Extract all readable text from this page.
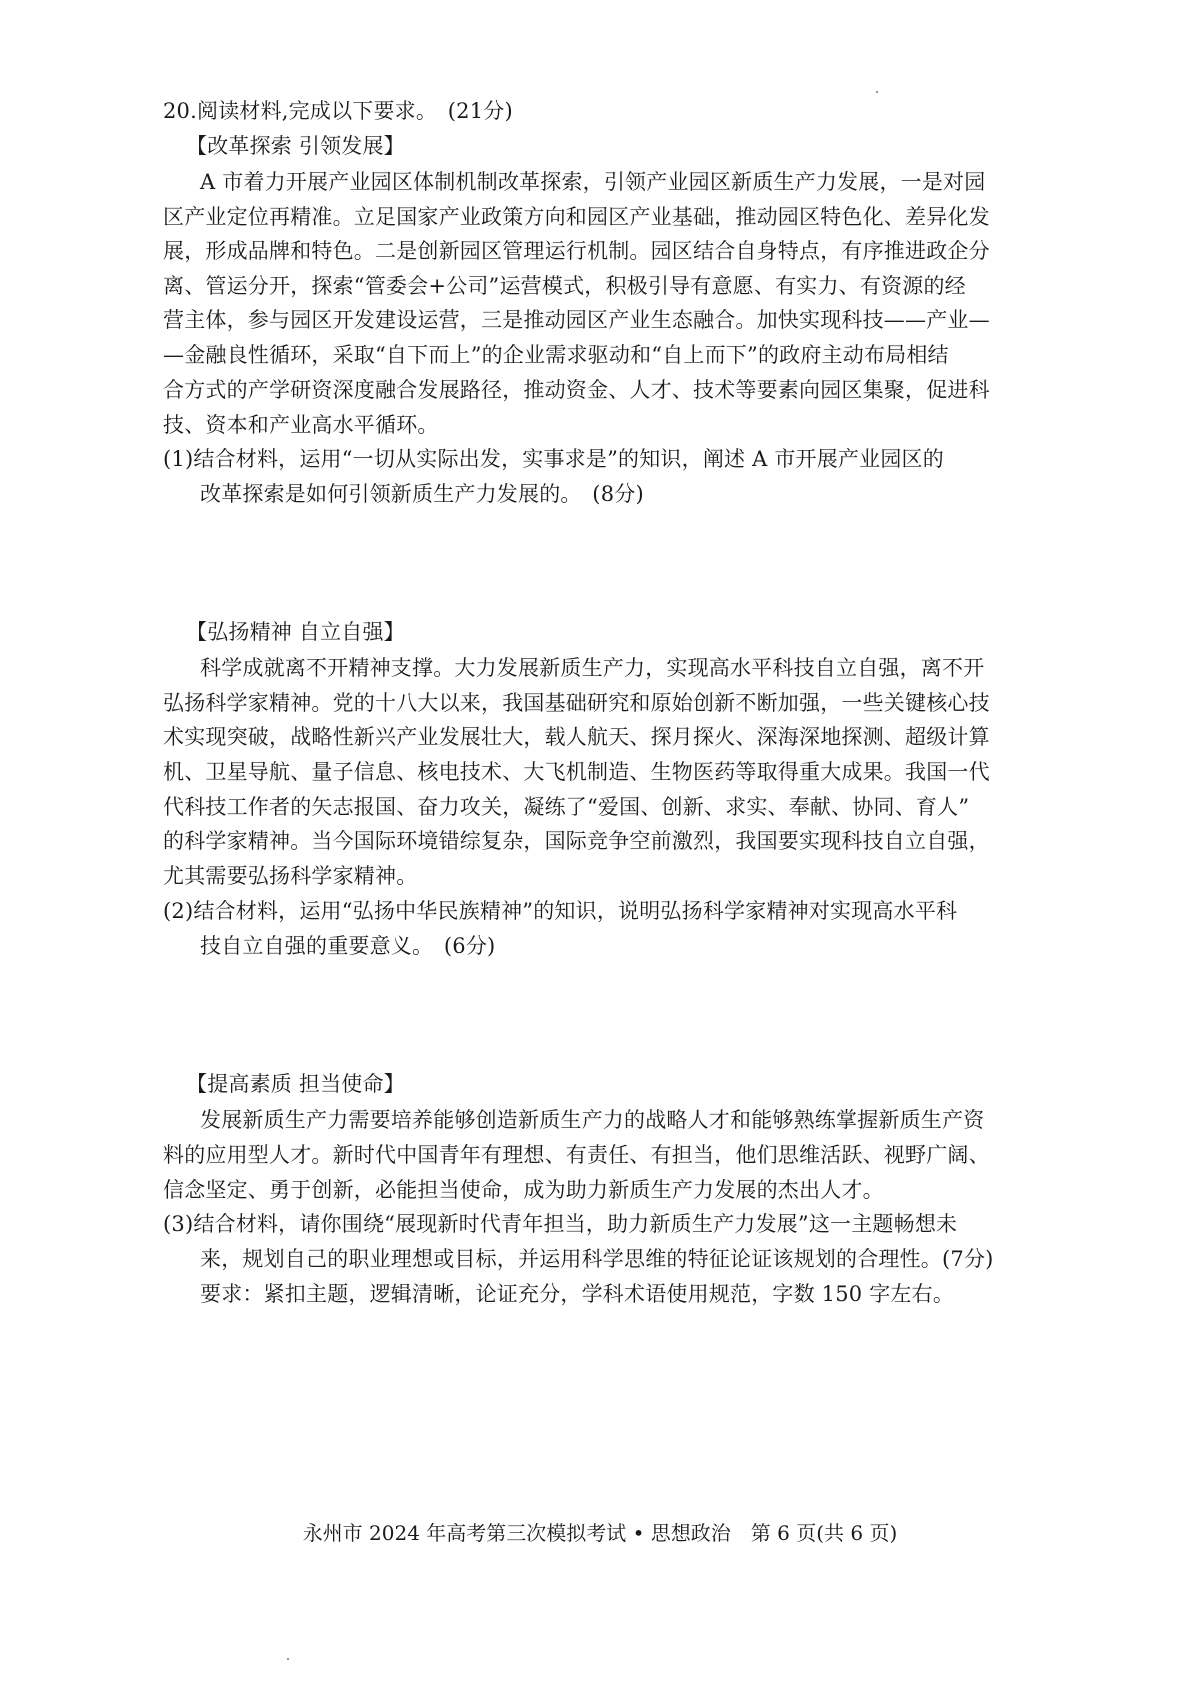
20.阅读材料,完成以下要求。　(21分)
【改革探索 引领发展】
A 市着力开展产业园区体制机制改革探索，引领产业园区新质生产力发展，一是对园
区产业定位再精准。立足国家产业政策方向和园区产业基础，推动园区特色化、差异化发
展，形成品牌和特色。二是创新园区管理运行机制。园区结合自身特点，有序推进政企分
离、管运分开，探索“管委会+公司”运营模式，积极引导有意愿、有实力、有资源的经
营主体，参与园区开发建设运营，三是推动园区产业生态融合。加快实现科技——产业—
—金融良性循环，采取“自下而上”的企业需求驱动和“自上而下”的政府主动布局相结
合方式的产学研资深度融合发展路径，推动资金、人才、技术等要素向园区集聚，促进科
技、资本和产业高水平循环。
(1)结合材料，运用“一切从实际出发，实事求是”的知识，阐述 A 市开展产业园区的
改革探索是如何引领新质生产力发展的。　(8分)
【弘扬精神 自立自强】
科学成就离不开精神支撑。大力发展新质生产力，实现高水平科技自立自强，离不开
弘扬科学家精神。党的十八大以来，我国基础研究和原始创新不断加强，一些关键核心技
术实现突破，战略性新兴产业发展壮大，载人航天、探月探火、深海深地探测、超级计算
机、卫星导航、量子信息、核电技术、大飞机制造、生物医药等取得重大成果。我国一代
代科技工作者的矢志报国、奋力攻关，凝练了“爱国、创新、求实、奉献、协同、育人”
的科学家精神。当今国际环境错综复杂，国际竞争空前激烈，我国要实现科技自立自强，
尤其需要弘扬科学家精神。
(2)结合材料，运用“弘扬中华民族精神”的知识，说明弘扬科学家精神对实现高水平科
技自立自强的重要意义。　(6分)
【提高素质 担当使命】
发展新质生产力需要培养能够创造新质生产力的战略人才和能够熟练掌握新质生产资
料的应用型人才。新时代中国青年有理想、有责任、有担当，他们思维活跃、视野广阔、
信念坚定、勇于创新，必能担当使命，成为助力新质生产力发展的杰出人才。
(3)结合材料，请你围绕“展现新时代青年担当，助力新质生产力发展”这一主题畅想未
来，规划自己的职业理想或目标，并运用科学思维的特征论证该规划的合理性。(7分)
要求：紧扣主题，逻辑清晰，论证充分，学科术语使用规范，字数 150 字左右。
永州市 2024 年高考第三次模拟考试 • 思想政治　第 6 页(共 6 页)
